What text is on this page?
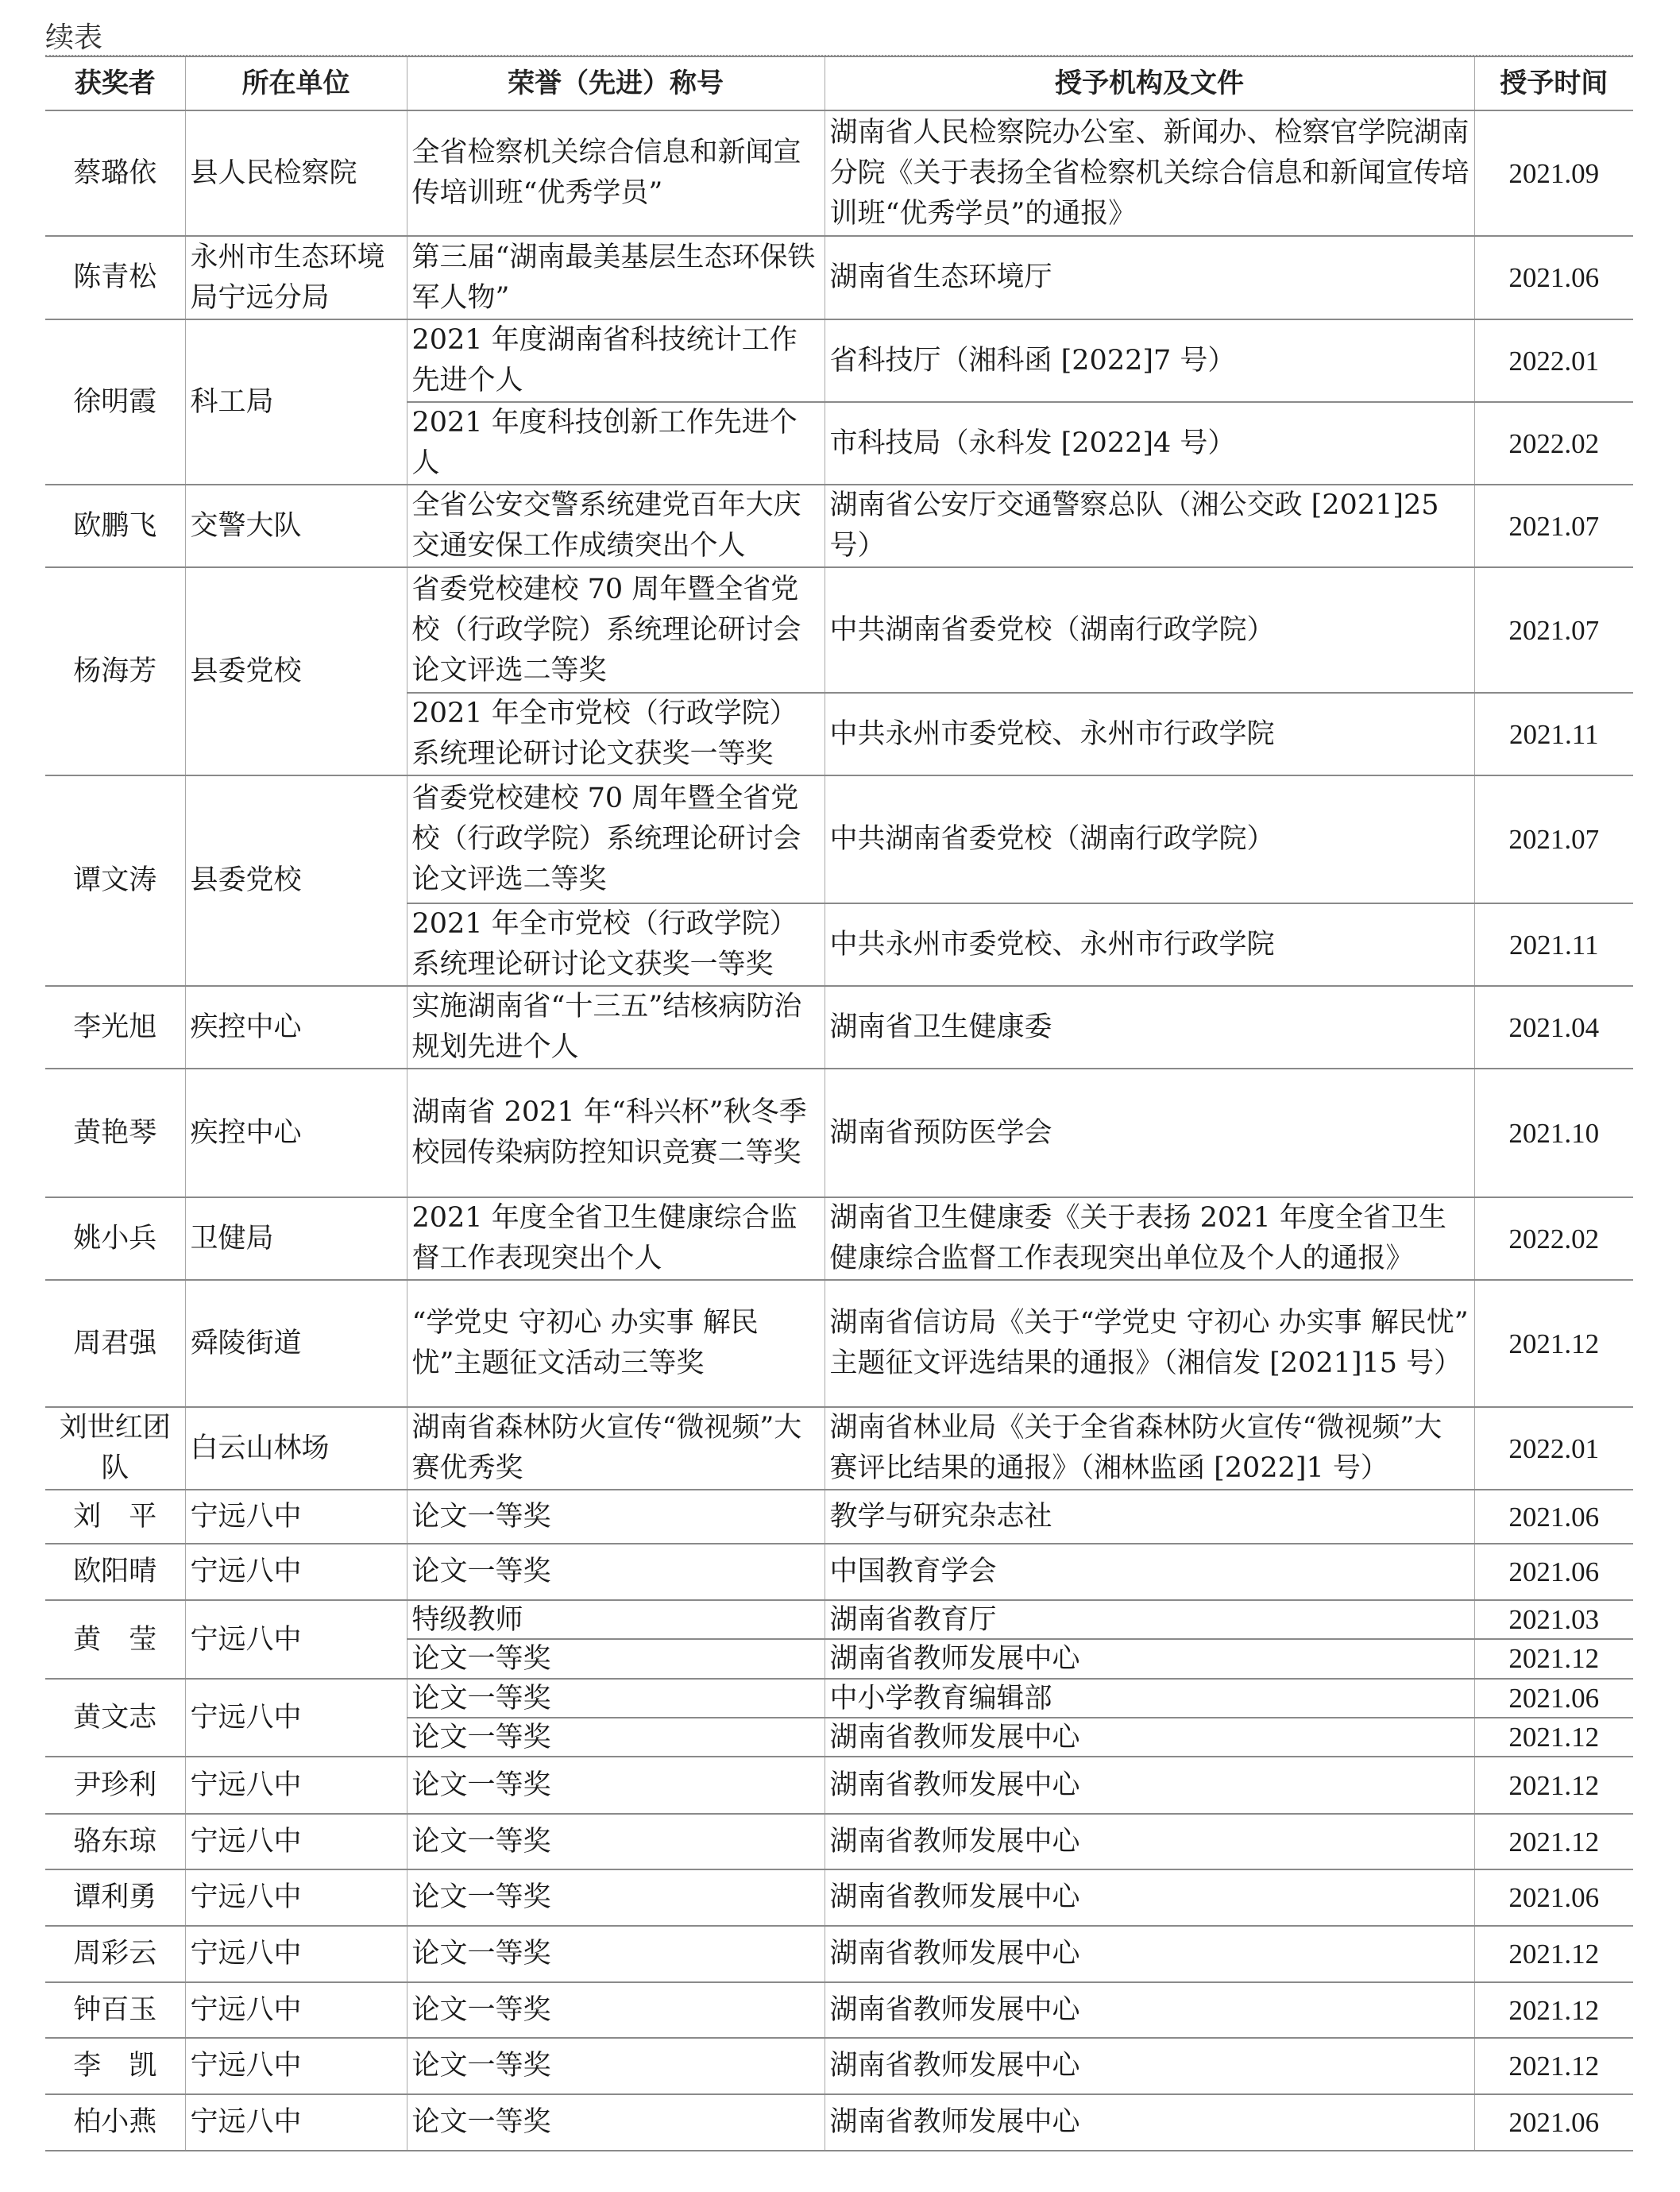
续表
获奖者	所在单位	荣誉（先进）称号	授予机构及文件	授予时间
蔡璐依	县人民检察院	全省检察机关综合信息和新闻宣传培训班“优秀学员”	湖南省人民检察院办公室、新闻办、检察官学院湖南分院《关于表扬全省检察机关综合信息和新闻宣传培训班“优秀学员”的通报》	2021.09
陈青松	永州市生态环境局宁远分局	第三届“湖南最美基层生态环保铁军人物”	湖南省生态环境厅	2021.06
徐明霞	科工局	2021 年度湖南省科技统计工作先进个人	省科技厅（湘科函 [2022]7 号）	2022.01
		2021 年度科技创新工作先进个人	市科技局（永科发 [2022]4 号）	2022.02
欧鹏飞	交警大队	全省公安交警系统建党百年大庆交通安保工作成绩突出个人	湖南省公安厅交通警察总队（湘公交政 [2021]25 号）	2021.07
杨海芳	县委党校	省委党校建校 70 周年暨全省党校（行政学院）系统理论研讨会论文评选二等奖	中共湖南省委党校（湖南行政学院）	2021.07
		2021 年全市党校（行政学院）系统理论研讨论文获奖一等奖	中共永州市委党校、永州市行政学院	2021.11
谭文涛	县委党校	省委党校建校 70 周年暨全省党校（行政学院）系统理论研讨会论文评选二等奖	中共湖南省委党校（湖南行政学院）	2021.07
		2021 年全市党校（行政学院）系统理论研讨论文获奖一等奖	中共永州市委党校、永州市行政学院	2021.11
李光旭	疾控中心	实施湖南省“十三五”结核病防治规划先进个人	湖南省卫生健康委	2021.04
黄艳琴	疾控中心	湖南省 2021 年“科兴杯”秋冬季校园传染病防控知识竞赛二等奖	湖南省预防医学会	2021.10
姚小兵	卫健局	2021 年度全省卫生健康综合监督工作表现突出个人	湖南省卫生健康委《关于表扬 2021 年度全省卫生健康综合监督工作表现突出单位及个人的通报》	2022.02
周君强	舜陵街道	“学党史 守初心 办实事 解民忧”主题征文活动三等奖	湖南省信访局《关于“学党史 守初心 办实事 解民忧” 主题征文评选结果的通报》（湘信发 [2021]15 号）	2021.12
刘世红团队	白云山林场	湖南省森林防火宣传“微视频”大赛优秀奖	湖南省林业局《关于全省森林防火宣传“微视频”大赛评比结果的通报》（湘林监函 [2022]1 号）	2022.01
刘　平	宁远八中	论文一等奖	教学与研究杂志社	2021.06
欧阳晴	宁远八中	论文一等奖	中国教育学会	2021.06
黄　莹	宁远八中	特级教师	湖南省教育厅	2021.03
		论文一等奖	湖南省教师发展中心	2021.12
黄文志	宁远八中	论文一等奖	中小学教育编辑部	2021.06
		论文一等奖	湖南省教师发展中心	2021.12
尹珍利	宁远八中	论文一等奖	湖南省教师发展中心	2021.12
骆东琼	宁远八中	论文一等奖	湖南省教师发展中心	2021.12
谭利勇	宁远八中	论文一等奖	湖南省教师发展中心	2021.06
周彩云	宁远八中	论文一等奖	湖南省教师发展中心	2021.12
钟百玉	宁远八中	论文一等奖	湖南省教师发展中心	2021.12
李　凯	宁远八中	论文一等奖	湖南省教师发展中心	2021.12
柏小燕	宁远八中	论文一等奖	湖南省教师发展中心	2021.06
